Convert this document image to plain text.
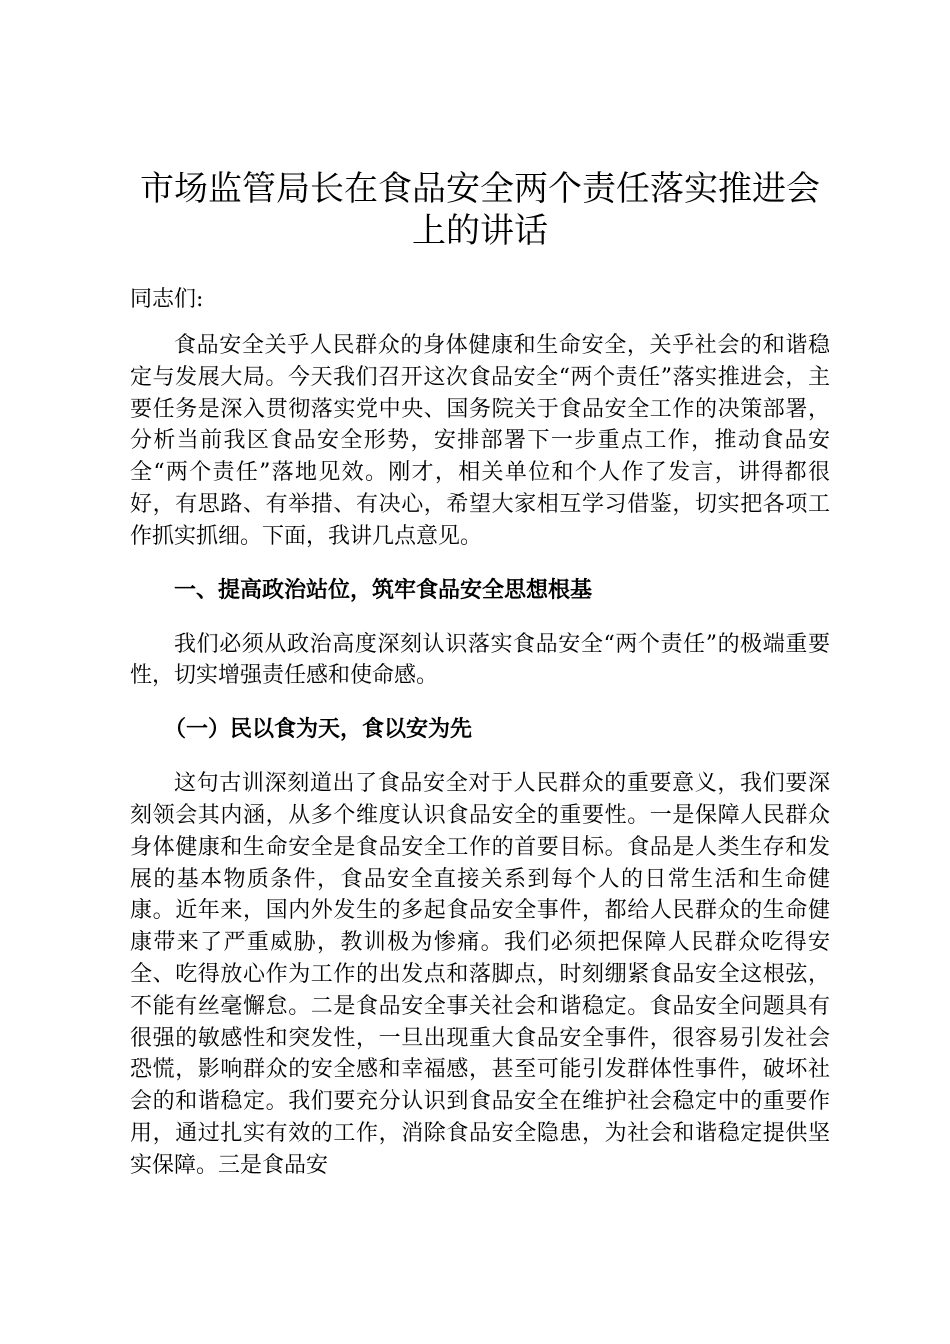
市场监管局长在食品安全两个责任落实推进会上的讲话

同志们:

食品安全关乎人民群众的身体健康和生命安全，关乎社会的和谐稳定与发展大局。今天我们召开这次食品安全“两个责任”落实推进会，主要任务是深入贯彻落实党中央、国务院关于食品安全工作的决策部署，分析当前我区食品安全形势，安排部署下一步重点工作，推动食品安全“两个责任”落地见效。刚才，相关单位和个人作了发言，讲得都很好，有思路、有举措、有决心，希望大家相互学习借鉴，切实把各项工作抓实抓细。下面，我讲几点意见。

一、提高政治站位，筑牢食品安全思想根基

我们必须从政治高度深刻认识落实食品安全“两个责任”的极端重要性，切实增强责任感和使命感。

（一）民以食为天，食以安为先

这句古训深刻道出了食品安全对于人民群众的重要意义，我们要深刻领会其内涵，从多个维度认识食品安全的重要性。一是保障人民群众身体健康和生命安全是食品安全工作的首要目标。食品是人类生存和发展的基本物质条件，食品安全直接关系到每个人的日常生活和生命健康。近年来，国内外发生的多起食品安全事件，都给人民群众的生命健康带来了严重威胁，教训极为惨痛。我们必须把保障人民群众吃得安全、吃得放心作为工作的出发点和落脚点，时刻绷紧食品安全这根弦，不能有丝毫懈怠。二是食品安全事关社会和谐稳定。食品安全问题具有很强的敏感性和突发性，一旦出现重大食品安全事件，很容易引发社会恐慌，影响群众的安全感和幸福感，甚至可能引发群体性事件，破坏社会的和谐稳定。我们要充分认识到食品安全在维护社会稳定中的重要作用，通过扎实有效的工作，消除食品安全隐患，为社会和谐稳定提供坚实保障。三是食品安
